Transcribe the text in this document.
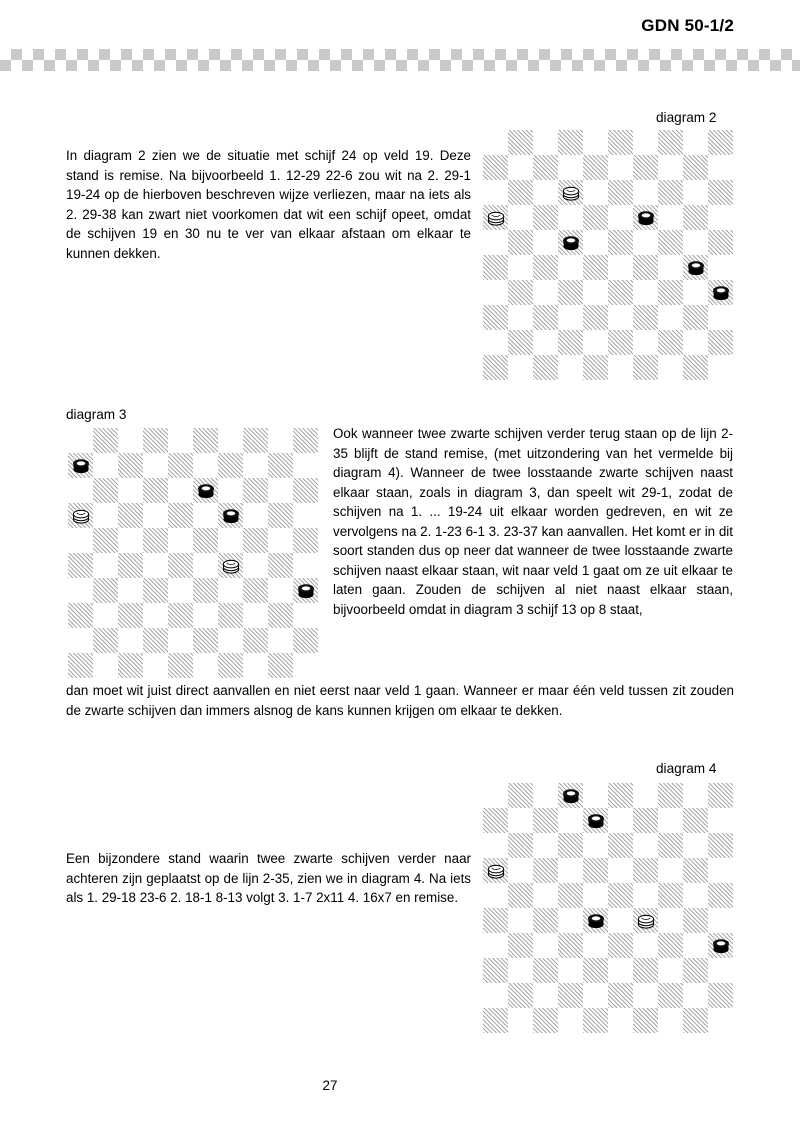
GDN 50-1/2
diagram 2
In diagram 2 zien we de situatie met schijf 24 op veld 19. Deze stand is remise. Na bijvoorbeeld 1. 12-29 22-6 zou wit na 2. 29-1 19-24 op de hierboven beschreven wijze verliezen, maar na iets als 2. 29-38 kan zwart niet voorkomen dat wit een schijf opeet, omdat de schijven 19 en 30 nu te ver van elkaar afstaan om elkaar te kunnen dekken.
diagram 3
Ook wanneer twee zwarte schijven verder terug staan op de lijn 2-35 blijft de stand remise, (met uitzondering van het vermelde bij diagram 4). Wanneer de twee losstaande zwarte schijven naast elkaar staan, zoals in diagram 3, dan speelt wit 29-1, zodat de schijven na 1. ... 19-24 uit elkaar worden gedreven, en wit ze vervolgens na 2. 1-23 6-1 3. 23-37 kan aanvallen. Het komt er in dit soort standen dus op neer dat wanneer de twee losstaande zwarte schijven naast elkaar staan, wit naar veld 1 gaat om ze uit elkaar te laten gaan. Zouden de schijven al niet naast elkaar staan, bijvoorbeeld omdat in diagram 3 schijf 13 op 8 staat,
dan moet wit juist direct aanvallen en niet eerst naar veld 1 gaan. Wanneer er maar één veld tussen zit zouden de zwarte schijven dan immers alsnog de kans kunnen krijgen om elkaar te dekken.
diagram 4
Een bijzondere stand waarin twee zwarte schijven verder naar achteren zijn geplaatst op de lijn 2-35, zien we in diagram 4. Na iets als 1. 29-18 23-6 2. 18-1 8-13 volgt 3. 1-7 2x11 4. 16x7 en remise.
27
